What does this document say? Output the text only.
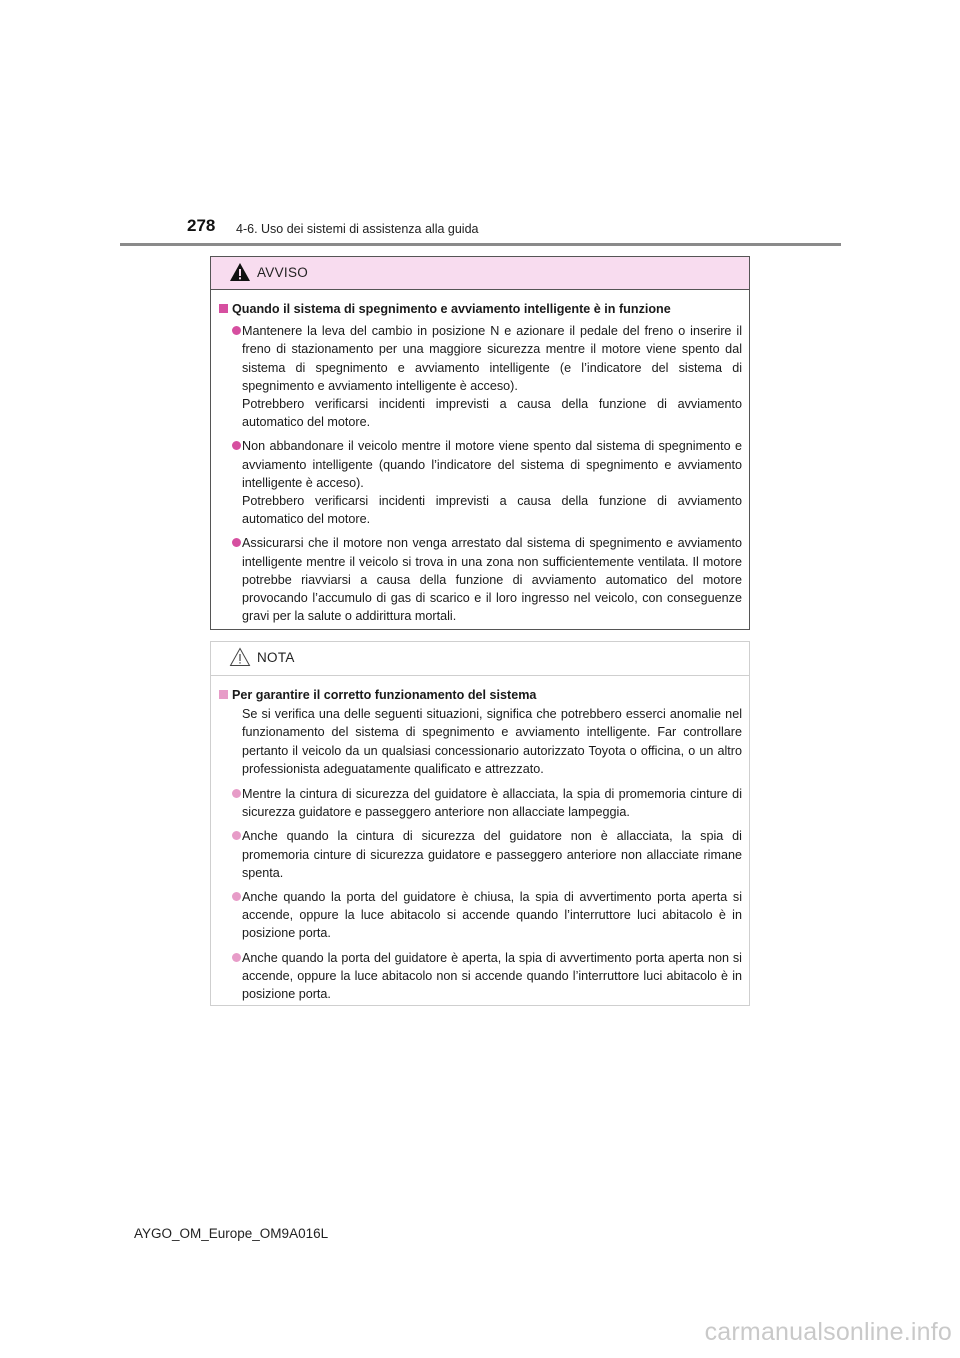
278 4-6. Uso dei sistemi di assistenza alla guida
AVVISO
Quando il sistema di spegnimento e avviamento intelligente è in funzione

Mantenere la leva del cambio in posizione N e azionare il pedale del freno o inserire il freno di stazionamento per una maggiore sicurezza mentre il motore viene spento dal sistema di spegnimento e avviamento intelligente (e l’indicatore del sistema di spegnimento e avviamento intelligente è acceso).

Potrebbero verificarsi incidenti imprevisti a causa della funzione di avviamento automatico del motore.

Non abbandonare il veicolo mentre il motore viene spento dal sistema di spegnimento e avviamento intelligente (quando l’indicatore del sistema di spegnimento e avviamento intelligente è acceso).

Potrebbero verificarsi incidenti imprevisti a causa della funzione di avviamento automatico del motore.

Assicurarsi che il motore non venga arrestato dal sistema di spegnimento e avviamento intelligente mentre il veicolo si trova in una zona non sufficientemente ventilata. Il motore potrebbe riavviarsi a causa della funzione di avviamento automatico del motore provocando l’accumulo di gas di scarico e il loro ingresso nel veicolo, con conseguenze gravi per la salute o addirittura mortali.

NOTA
Per garantire il corretto funzionamento del sistema
Se si verifica una delle seguenti situazioni, significa che potrebbero esserci anomalie nel funzionamento del sistema di spegnimento e avviamento intelligente. Far controllare pertanto il veicolo da un qualsiasi concessionario autorizzato Toyota o officina, o un altro professionista adeguatamente qualificato e attrezzato.

Mentre la cintura di sicurezza del guidatore è allacciata, la spia di promemoria cinture di sicurezza guidatore e passeggero anteriore non allacciate lampeggia.

Anche quando la cintura di sicurezza del guidatore non è allacciata, la spia di promemoria cinture di sicurezza guidatore e passeggero anteriore non allacciate rimane spenta.

Anche quando la porta del guidatore è chiusa, la spia di avvertimento porta aperta si accende, oppure la luce abitacolo si accende quando l’interruttore luci abitacolo è in posizione porta.

Anche quando la porta del guidatore è aperta, la spia di avvertimento porta aperta non si accende, oppure la luce abitacolo non si accende quando l’interruttore luci abitacolo è in posizione porta.

AYGO_OM_Europe_OM9A016L
carmanualsonline.info
